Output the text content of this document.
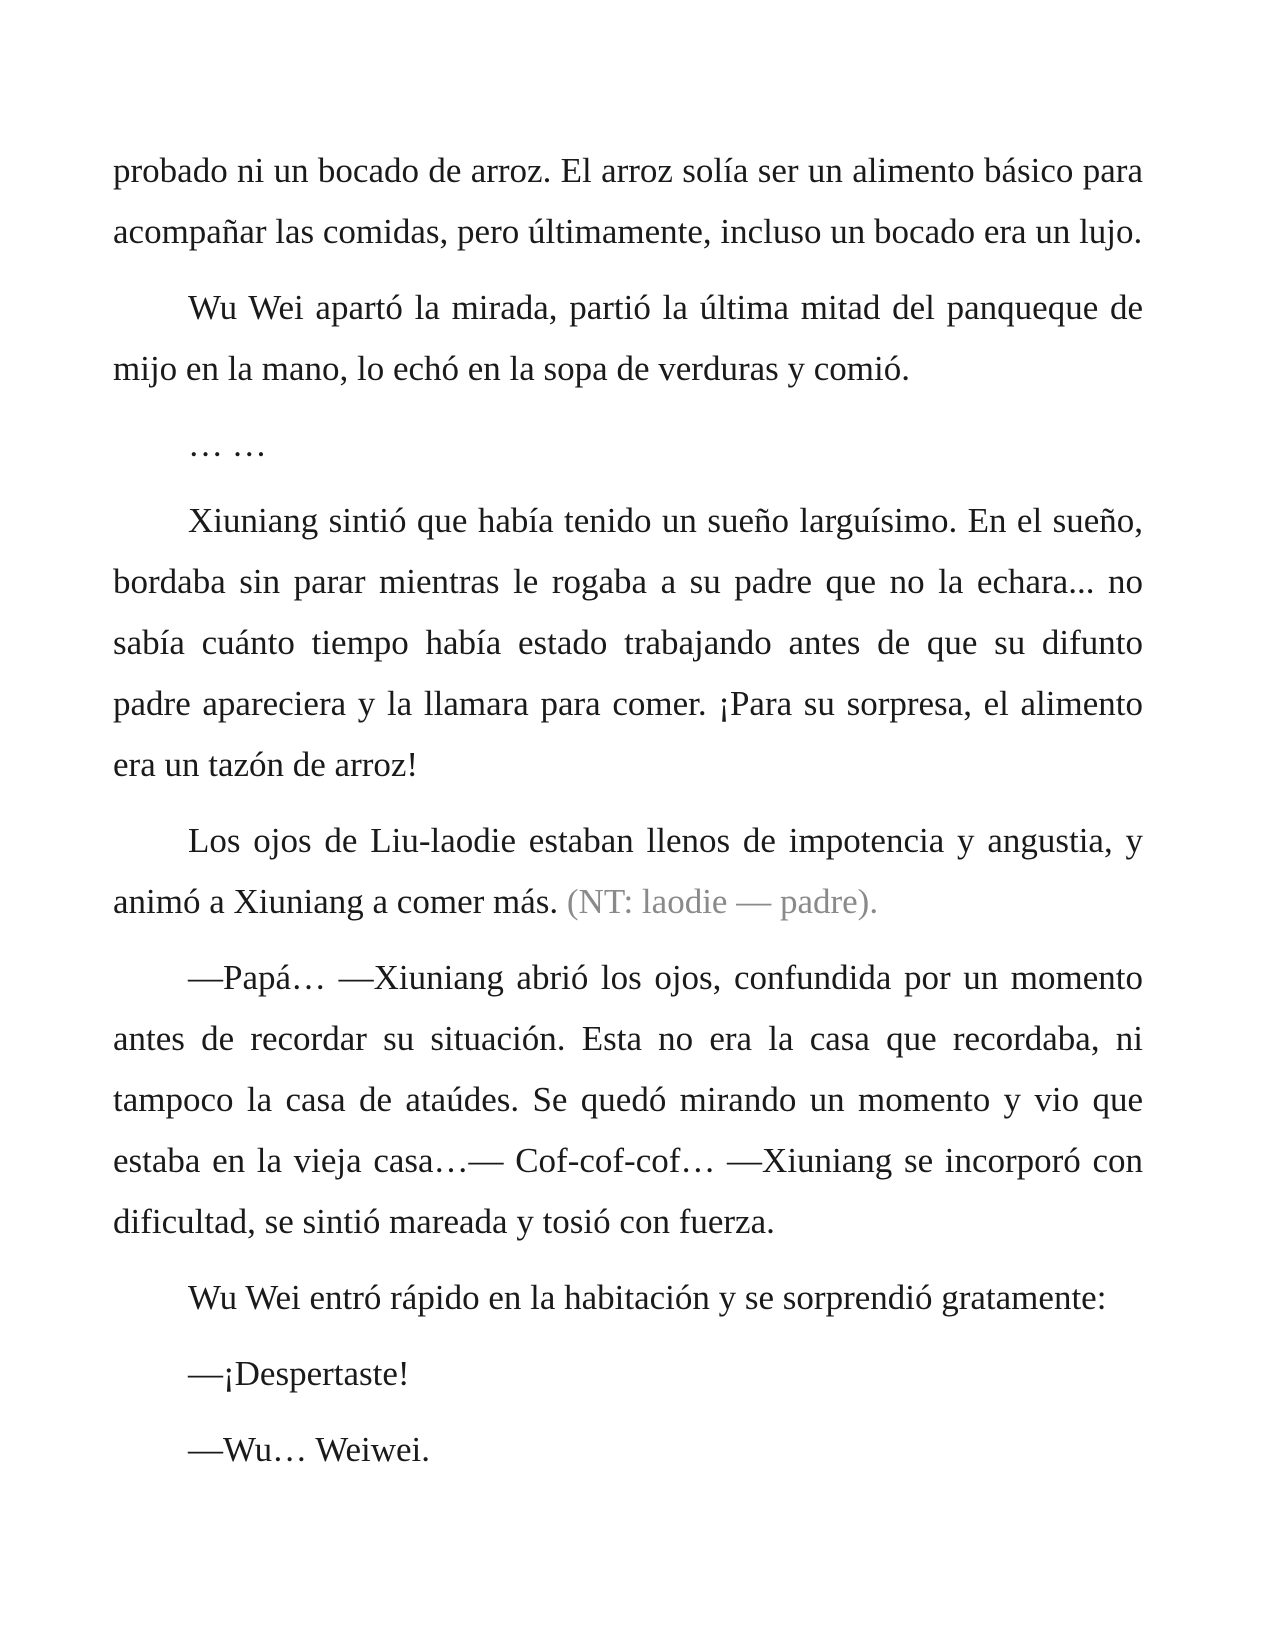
probado ni un bocado de arroz. El arroz solía ser un alimento básico para acompañar las comidas, pero últimamente, incluso un bocado era un lujo.

Wu Wei apartó la mirada, partió la última mitad del panqueque de mijo en la mano, lo echó en la sopa de verduras y comió.

… …

Xiuniang sintió que había tenido un sueño larguísimo. En el sueño, bordaba sin parar mientras le rogaba a su padre que no la echara... no sabía cuánto tiempo había estado trabajando antes de que su difunto padre apareciera y la llamara para comer. ¡Para su sorpresa, el alimento era un tazón de arroz!

Los ojos de Liu-laodie estaban llenos de impotencia y angustia, y animó a Xiuniang a comer más. (NT: laodie — padre).

—Papá… —Xiuniang abrió los ojos, confundida por un momento antes de recordar su situación. Esta no era la casa que recordaba, ni tampoco la casa de ataúdes. Se quedó mirando un momento y vio que estaba en la vieja casa…— Cof-cof-cof… —Xiuniang se incorporó con dificultad, se sintió mareada y tosió con fuerza.

Wu Wei entró rápido en la habitación y se sorprendió gratamente:

—¡Despertaste!

—Wu… Weiwei.
